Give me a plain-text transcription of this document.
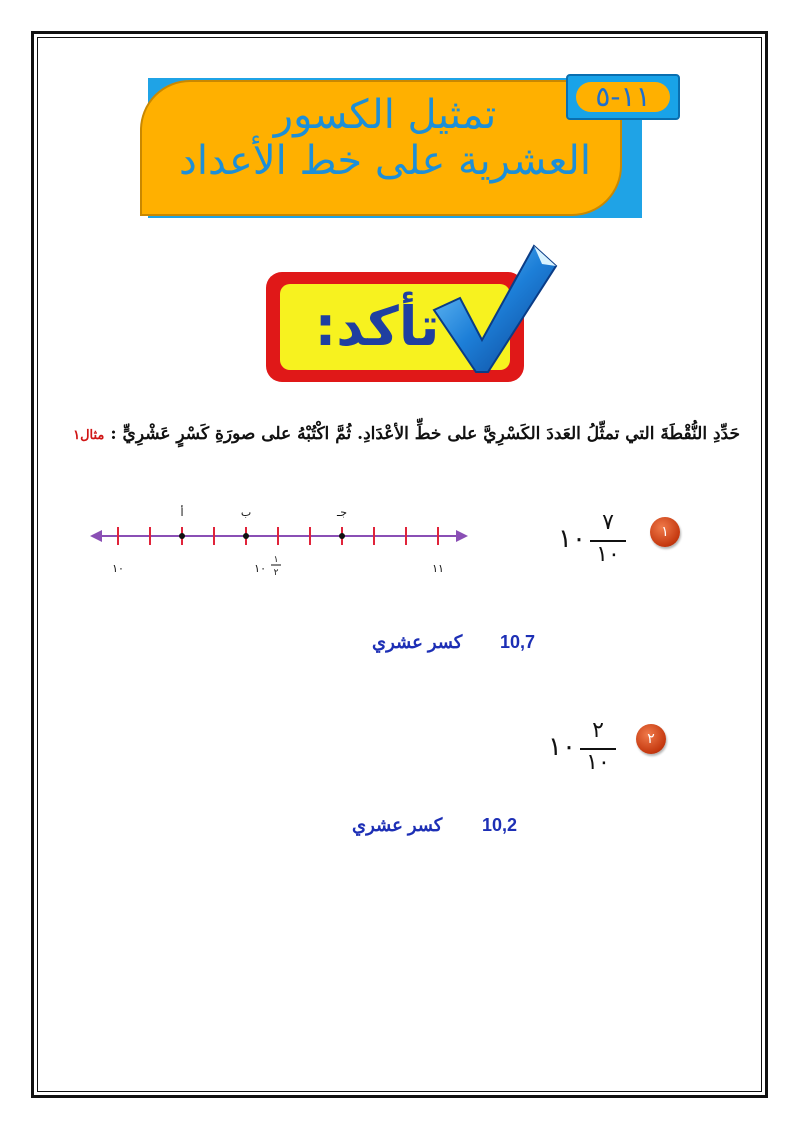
تمثيل الكسور
العشرية على خط الأعداد
١١-٥
تأكد:
حَدِّدِ النُّقْطَةَ التي تمثِّلُ العَددَ الكَسْرِيَّ على خطِّ الأعْدَادِ. ثُمَّ اكْتُبْهُ على صورَةِ كَسْرٍ عَشْرِيٍّ : مثال١
أ	ب	جـ
١٠	١٠
١
٢	١١
١
١٠
٧
١٠
10,7
كسر عشري
٢
١٠
٢
١٠
10,2
كسر عشري
